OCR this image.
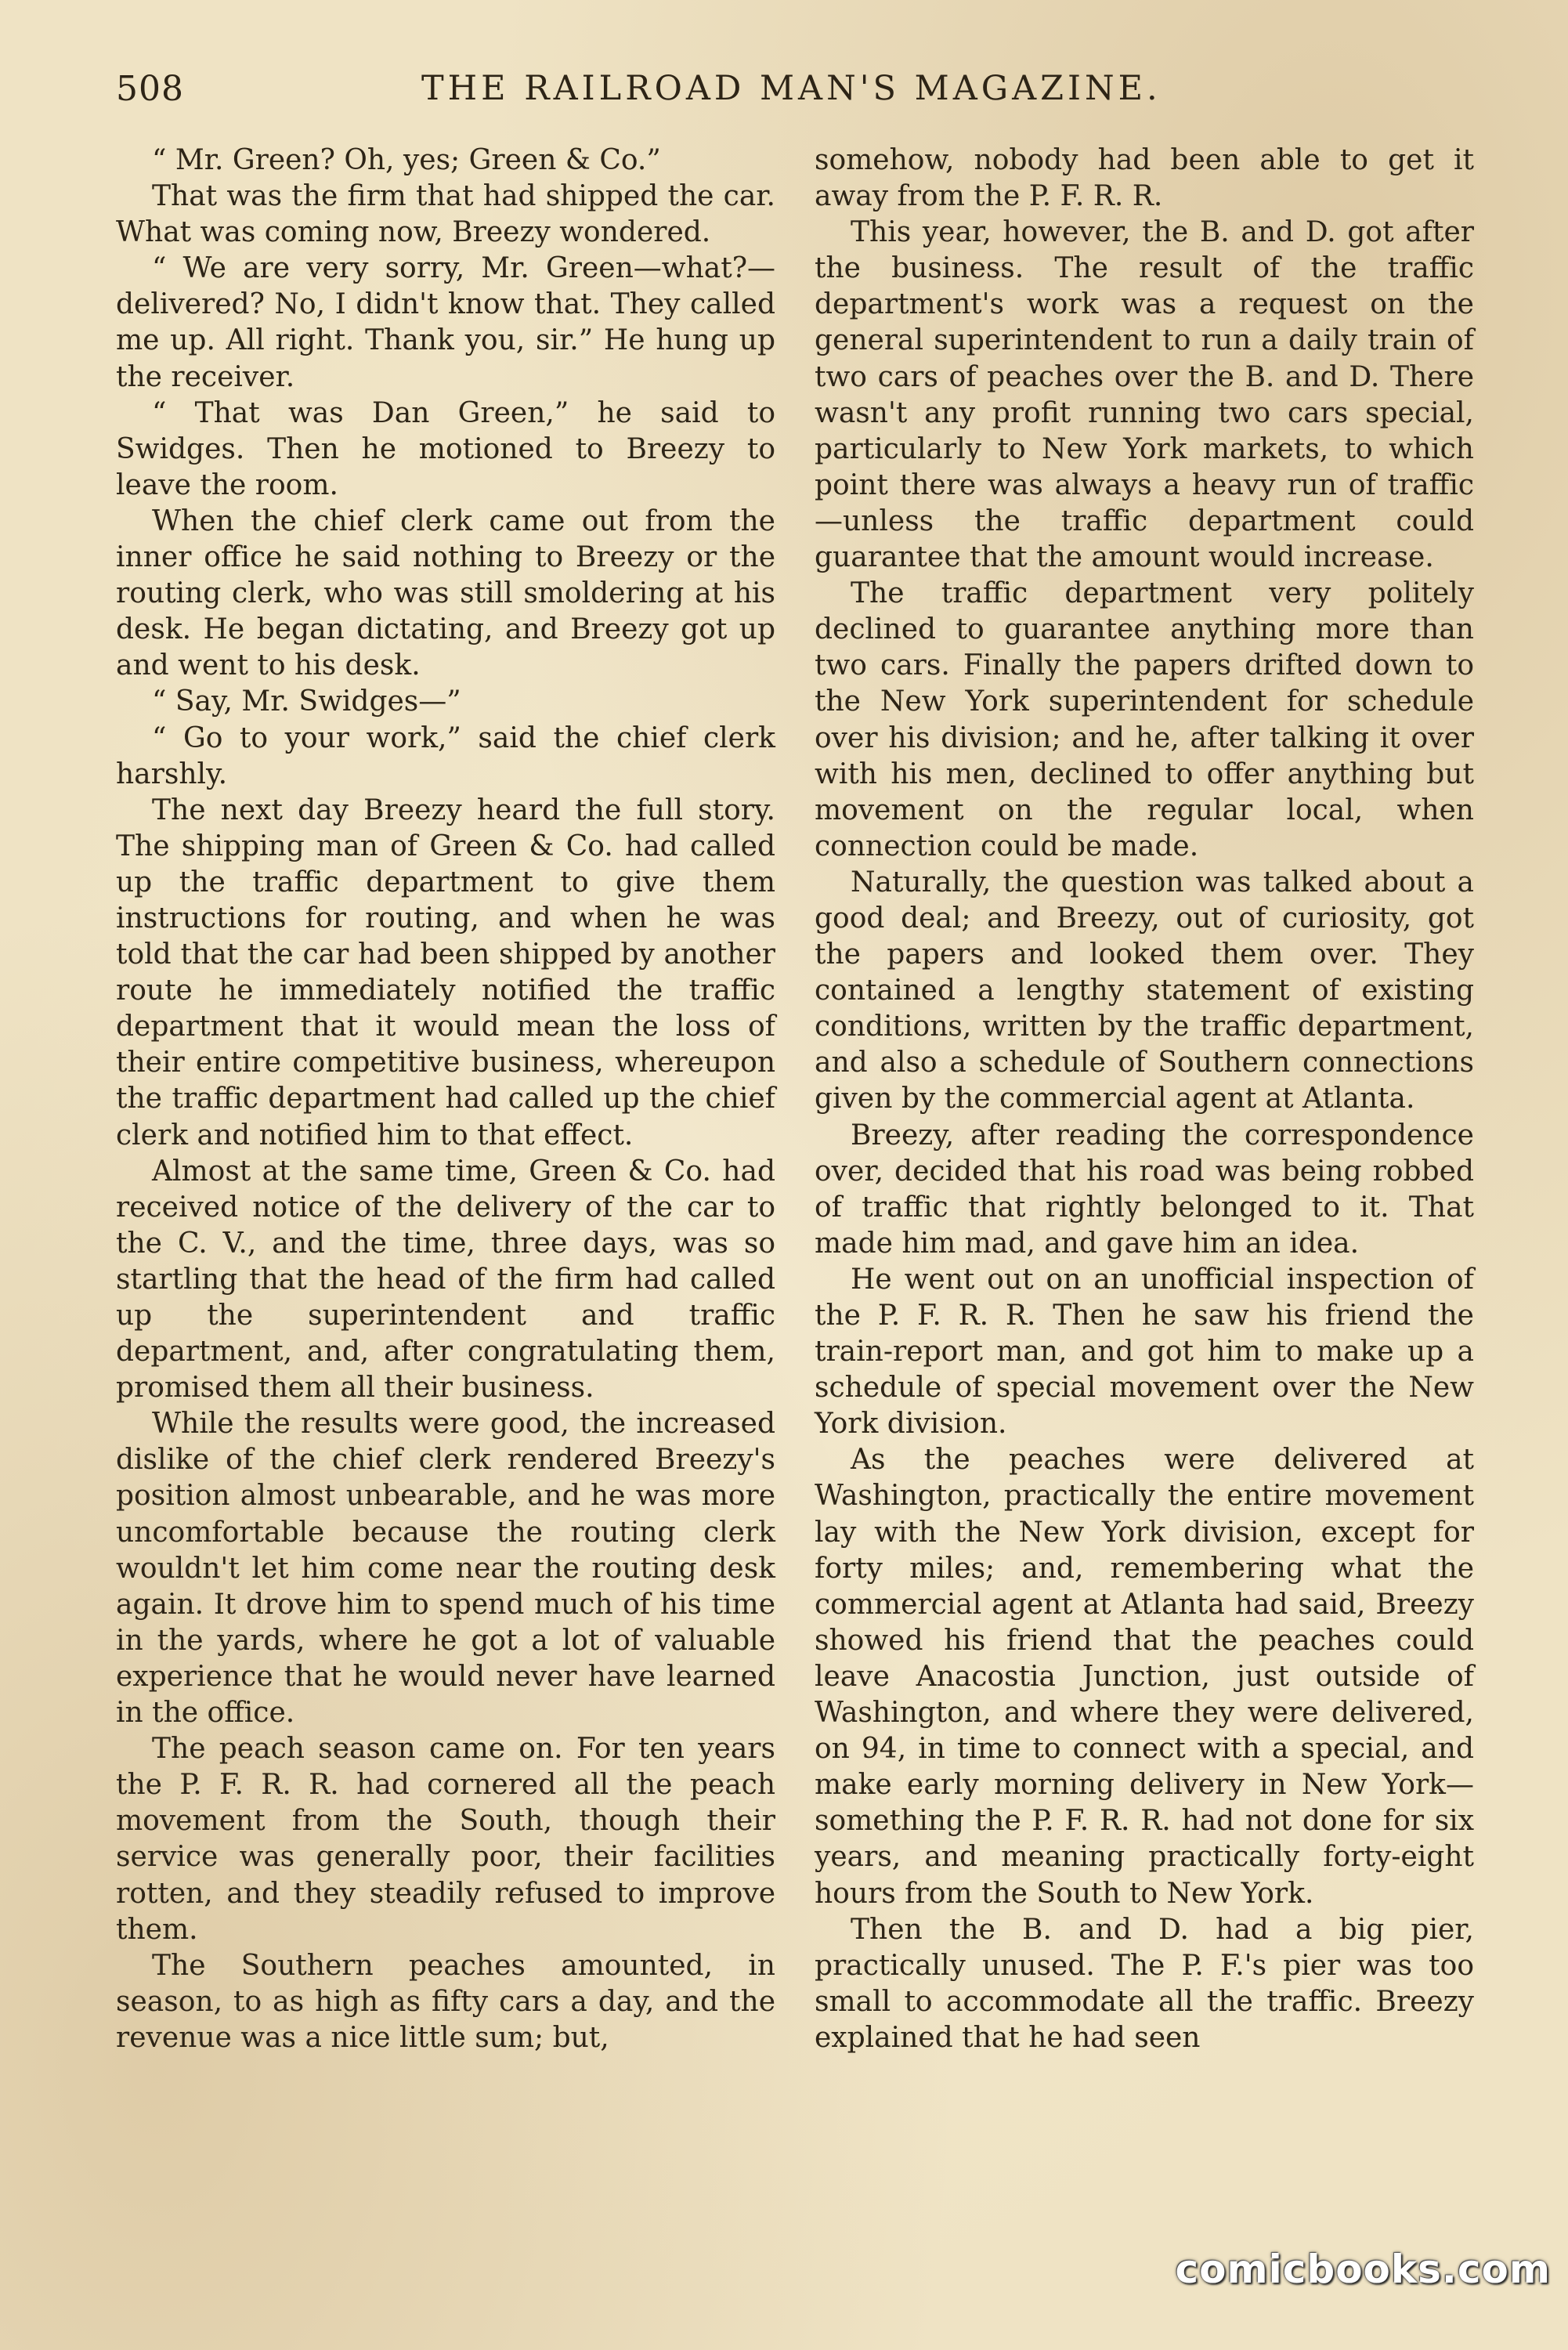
508	THE RAILROAD MAN'S MAGAZINE.

“ Mr. Green? Oh, yes; Green & Co.”

That was the firm that had shipped the car. What was coming now, Breezy wondered.

“ We are very sorry, Mr. Green—what?—delivered? No, I didn't know that. They called me up. All right. Thank you, sir.” He hung up the receiver.

“ That was Dan Green,” he said to Swidges. Then he motioned to Breezy to leave the room.

When the chief clerk came out from the inner office he said nothing to Breezy or the routing clerk, who was still smoldering at his desk. He began dictating, and Breezy got up and went to his desk.

“ Say, Mr. Swidges—”

“ Go to your work,” said the chief clerk harshly.

The next day Breezy heard the full story. The shipping man of Green & Co. had called up the traffic department to give them instructions for routing, and when he was told that the car had been shipped by another route he immediately notified the traffic department that it would mean the loss of their entire competitive business, whereupon the traffic department had called up the chief clerk and notified him to that effect.

Almost at the same time, Green & Co. had received notice of the delivery of the car to the C. V., and the time, three days, was so startling that the head of the firm had called up the superintendent and traffic department, and, after congratulating them, promised them all their business.

While the results were good, the increased dislike of the chief clerk rendered Breezy's position almost unbearable, and he was more uncomfortable because the routing clerk wouldn't let him come near the routing desk again. It drove him to spend much of his time in the yards, where he got a lot of valuable experience that he would never have learned in the office.

The peach season came on. For ten years the P. F. R. R. had cornered all the peach movement from the South, though their service was generally poor, their facilities rotten, and they steadily refused to improve them.

The Southern peaches amounted, in season, to as high as fifty cars a day, and the revenue was a nice little sum; but,

somehow, nobody had been able to get it away from the P. F. R. R.

This year, however, the B. and D. got after the business. The result of the traffic department's work was a request on the general superintendent to run a daily train of two cars of peaches over the B. and D. There wasn't any profit running two cars special, particularly to New York markets, to which point there was always a heavy run of traffic—unless the traffic department could guarantee that the amount would increase.

The traffic department very politely declined to guarantee anything more than two cars. Finally the papers drifted down to the New York superintendent for schedule over his division; and he, after talking it over with his men, declined to offer anything but movement on the regular local, when connection could be made.

Naturally, the question was talked about a good deal; and Breezy, out of curiosity, got the papers and looked them over. They contained a lengthy statement of existing conditions, written by the traffic department, and also a schedule of Southern connections given by the commercial agent at Atlanta.

Breezy, after reading the correspondence over, decided that his road was being robbed of traffic that rightly belonged to it. That made him mad, and gave him an idea.

He went out on an unofficial inspection of the P. F. R. R. Then he saw his friend the train-report man, and got him to make up a schedule of special movement over the New York division.

As the peaches were delivered at Washington, practically the entire movement lay with the New York division, except for forty miles; and, remembering what the commercial agent at Atlanta had said, Breezy showed his friend that the peaches could leave Anacostia Junction, just outside of Washington, and where they were delivered, on 94, in time to connect with a special, and make early morning delivery in New York—something the P. F. R. R. had not done for six years, and meaning practically forty-eight hours from the South to New York.

Then the B. and D. had a big pier, practically unused. The P. F.'s pier was too small to accommodate all the traffic. Breezy explained that he had seen

comicbooks.com
